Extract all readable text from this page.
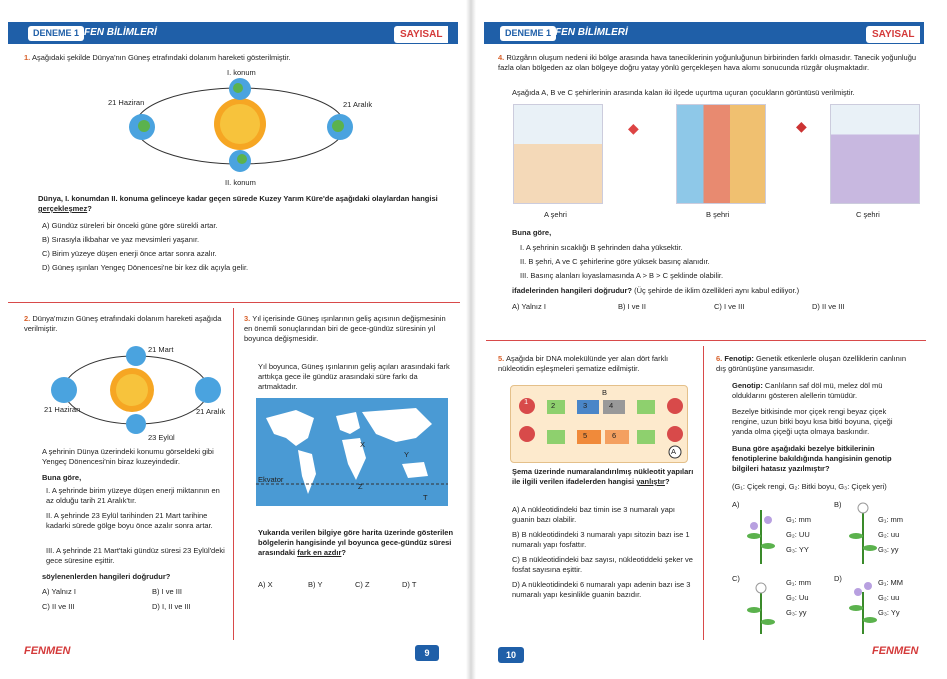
DENEME 1 FEN BİLİMLERİ	SAYISAL	DENEME 1 FEN BİLİMLERİ	SAYISAL
1. Aşağıdaki şekilde Dünya'nın Güneş etrafındaki dolanım hareketi gösterilmiştir.
I. konum
II. konum
21 Haziran	21 Aralık
Dünya, I. konumdan II. konuma gelinceye kadar geçen sürede Kuzey Yarım Küre'de aşağıdaki olaylardan hangisi gerçekleşmez?
A) Gündüz süreleri bir önceki güne göre sürekli artar.
B) Sırasıyla ilkbahar ve yaz mevsimleri yaşanır.
C) Birim yüzeye düşen enerji önce artar sonra azalır.
D) Güneş ışınları Yengeç Dönencesi'ne bir kez dik açıyla gelir.
2. Dünya'mızın Güneş etrafındaki dolanım hareketi aşağıda verilmiştir.
21 Mart
21 Haziran	21 Aralık
23 Eylül
A şehrinin Dünya üzerindeki konumu görseldeki gibi Yengeç Dönencesi'nin biraz kuzeyindedir.
Buna göre,
I. A şehrinde birim yüzeye düşen enerji miktarının en az olduğu tarih 21 Aralık'tır.
II. A şehrinde 23 Eylül tarihinden 21 Mart tarihine kadarki sürede gölge boyu önce azalır sonra artar.
III. A şehrinde 21 Mart'taki gündüz süresi 23 Eylül'deki gece süresine eşittir.
söylenenlerden hangileri doğrudur?
A) Yalnız I	B) I ve III
C) II ve III	D) I, II ve III
3. Yıl içerisinde Güneş ışınlarının geliş açısının değişmesinin en önemli sonuçlarından biri de gece-gündüz süresinin yıl boyunca değişmesidir.
Yıl boyunca, Güneş ışınlarının geliş açıları arasındaki fark arttıkça gece ile gündüz arasındaki süre farkı da artmaktadır.
Ekvator
X
Y
Z
T
Yukarıda verilen bilgiye göre harita üzerinde gösterilen bölgelerin hangisinde yıl boyunca gece-gündüz süresi arasındaki fark en azdır?
A) X	B) Y	C) Z	D) T
FENMEN	9
4. Rüzgârın oluşum nedeni iki bölge arasında hava taneciklerinin yoğunluğunun birbirinden farklı olmasıdır. Tanecik yoğunluğu fazla olan bölgeden az olan bölgeye doğru yatay yönlü gerçekleşen hava akımı sonucunda rüzgâr oluşmaktadır.
Aşağıda A, B ve C şehirlerinin arasında kalan iki ilçede uçurtma uçuran çocukların görüntüsü verilmiştir.
◆	◆
A şehri	B şehri	C şehri
Buna göre,
I. A şehrinin sıcaklığı B şehrinden daha yüksektir.
II. B şehri, A ve C şehirlerine göre yüksek basınç alanıdır.
III. Basınç alanları kıyaslamasında A > B > C şeklinde olabilir.
ifadelerinden hangileri doğrudur? (Üç şehirde de iklim özellikleri aynı kabul ediliyor.)
A) Yalnız I	B) I ve II	C) I ve III	D) II ve III
5. Aşağıda bir DNA molekülünde yer alan dört farklı nükleotidin eşleşmeleri şematize edilmiştir.
1	2	3	4
5	6
B
A
Şema üzerinde numaralandırılmış nükleotit yapıları ile ilgili verilen ifadelerden hangisi yanlıştır?
A) A nükleotidindeki baz timin ise 3 numaralı yapı guanin bazı olabilir.
B) B nükleotidindeki 3 numaralı yapı sitozin bazı ise 1 numaralı yapı fosfattır.
C) B nükleotidindeki baz sayısı, nükleotiddeki şeker ve fosfat sayısına eşittir.
D) A nükleotidindeki 6 numaralı yapı adenin bazı ise 3 numaralı yapı kesinlikle guanin bazıdır.
6. Fenotip: Genetik etkenlerle oluşan özelliklerin canlının dış görünüşüne yansımasıdır.
Genotip: Canlıların saf döl mü, melez döl mü olduklarını gösteren alellerin tümüdür.
Bezelye bitkisinde mor çiçek rengi beyaz çiçek rengine, uzun bitki boyu kısa bitki boyuna, çiçeği yanda olma çiçeği uçta olmaya baskındır.
Buna göre aşağıdaki bezelye bitkilerinin fenotiplerine bakıldığında hangisinin genotip bilgileri hatasız yazılmıştır?
(G₁: Çiçek rengi, G₂: Bitki boyu, G₃: Çiçek yeri)
A)	B)
C)	D)
G₁: mm
G₂: UU
G₃: YY
G₁: mm
G₂: uu
G₃: yy
G₁: mm
G₂: Uu
G₃: yy
G₁: MM
G₂: uu
G₃: Yy
10	FENMEN
